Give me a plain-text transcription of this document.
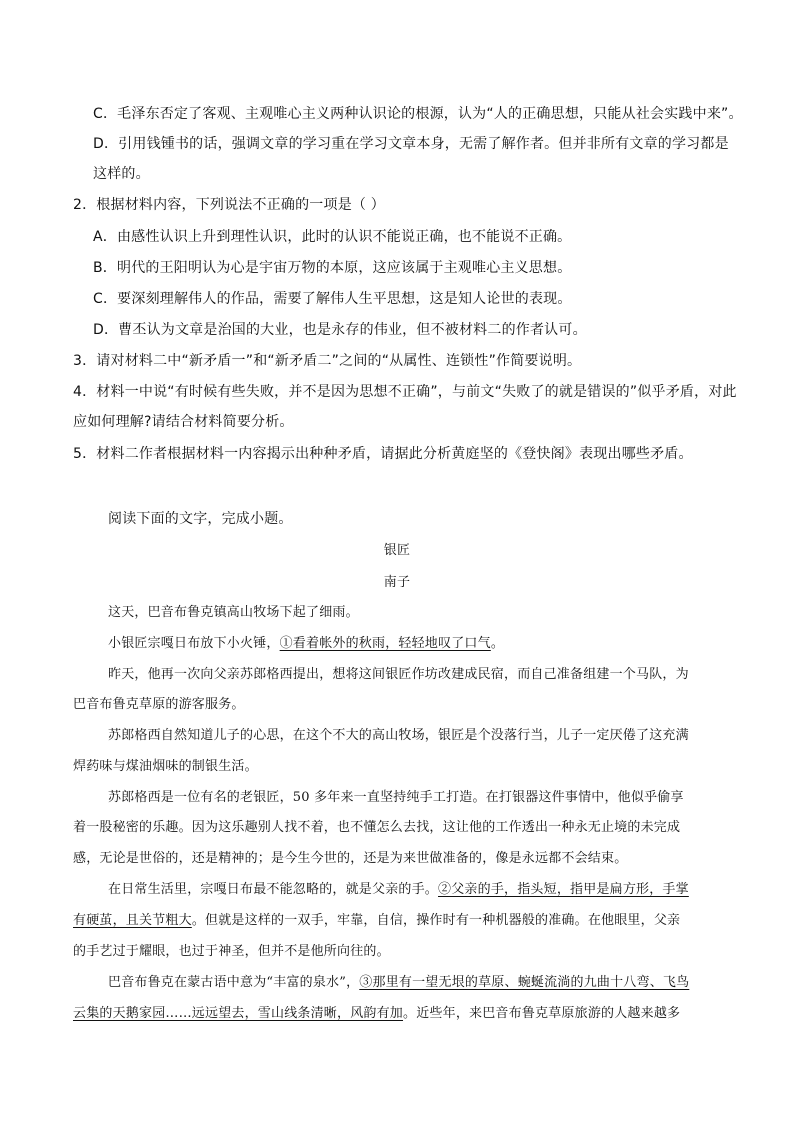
C．毛泽东否定了客观、主观唯心主义两种认识论的根源，认为“人的正确思想，只能从社会实践中来”。
D．引用钱锺书的话，强调文章的学习重在学习文章本身，无需了解作者。但并非所有文章的学习都是
这样的。
2．根据材料内容，下列说法不正确的一项是（ ）
A．由感性认识上升到理性认识，此时的认识不能说正确，也不能说不正确。
B．明代的王阳明认为心是宇宙万物的本原，这应该属于主观唯心主义思想。
C．要深刻理解伟人的作品，需要了解伟人生平思想，这是知人论世的表现。
D．曹丕认为文章是治国的大业，也是永存的伟业，但不被材料二的作者认可。
3．请对材料二中“新矛盾一”和“新矛盾二”之间的“从属性、连锁性”作简要说明。
4．材料一中说“有时候有些失败，并不是因为思想不正确”，与前文“失败了的就是错误的”似乎矛盾，对此
应如何理解?请结合材料简要分析。
5．材料二作者根据材料一内容揭示出种种矛盾，请据此分析黄庭坚的《登快阁》表现出哪些矛盾。
阅读下面的文字，完成小题。
银匠
南子
这天，巴音布鲁克镇高山牧场下起了细雨。
小银匠宗嘎日布放下小火锤，①看着帐外的秋雨，轻轻地叹了口气。
昨天，他再一次向父亲苏郎格西提出，想将这间银匠作坊改建成民宿，而自己准备组建一个马队，为
巴音布鲁克草原的游客服务。
苏郎格西自然知道儿子的心思，在这个不大的高山牧场，银匠是个没落行当，儿子一定厌倦了这充满
焊药味与煤油烟味的制银生活。
苏郎格西是一位有名的老银匠，50 多年来一直坚持纯手工打造。在打银器这件事情中，他似乎偷享
着一股秘密的乐趣。因为这乐趣别人找不着，也不懂怎么去找，这让他的工作透出一种永无止境的未完成
感，无论是世俗的，还是精神的；是今生今世的，还是为来世做准备的，像是永远都不会结束。
在日常生活里，宗嘎日布最不能忽略的，就是父亲的手。②父亲的手，指头短，指甲是扁方形，手掌
有硬茧，且关节粗大。但就是这样的一双手，牢靠，自信，操作时有一种机器般的准确。在他眼里，父亲
的手艺过于耀眼，也过于神圣，但并不是他所向往的。
巴音布鲁克在蒙古语中意为“丰富的泉水”，③那里有一望无垠的草原、蜿蜒流淌的九曲十八弯、飞鸟
云集的天鹅家园……远远望去，雪山线条清晰，风韵有加。近些年，来巴音布鲁克草原旅游的人越来越多
